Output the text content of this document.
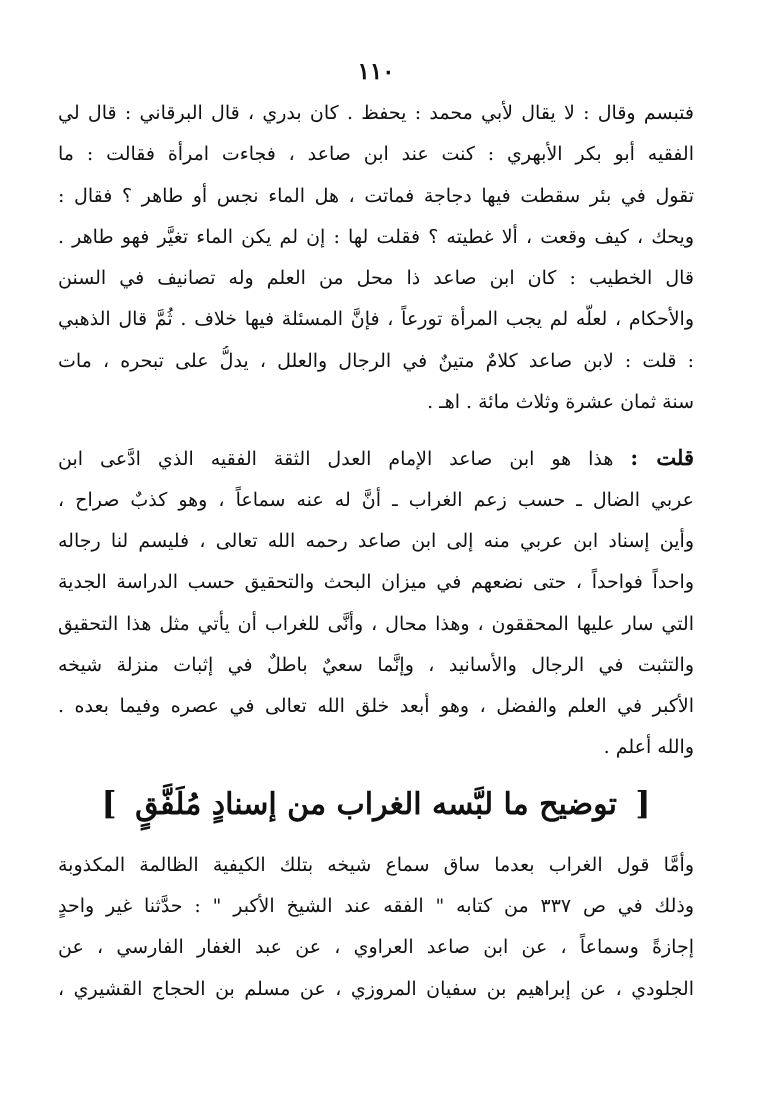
١١٠
فتبسم وقال : لا يقال لأبي محمد : يحفظ . كان بدري ، قال البرقاني : قال لي
الفقيه أبو بكر الأبهري : كنت عند ابن صاعد ، فجاءت امرأة فقالت : ما
تقول في بئر سقطت فيها دجاجة فماتت ، هل الماء نجس أو طاهر ؟ فقال :
ويحك ، كيف وقعت ، ألا غطيته ؟ فقلت لها : إن لم يكن الماء تغيَّر فهو طاهر .
قال الخطيب : كان ابن صاعد ذا محل من العلم وله تصانيف في السنن
والأحكام ، لعلَّه لم يجب المرأة تورعاً ، فإنَّ المسئلة فيها خلاف . ثُمَّ قال الذهبي
: قلت : لابن صاعد كلامٌ متينٌ في الرجال والعلل ، يدلُّ على تبحره ، مات
سنة ثمان عشرة وثلاث مائة . اهـ .
قلت : هذا هو ابن صاعد الإمام العدل الثقة الفقيه الذي ادَّعى ابن
عربي الضال ـ حسب زعم الغراب ـ أنَّ له عنه سماعاً ، وهو كذبٌ صراح ،
وأين إسناد ابن عربي منه إلى ابن صاعد رحمه الله تعالى ، فليسم لنا رجاله
واحداً فواحداً ، حتى نضعهم في ميزان البحث والتحقيق حسب الدراسة الجدية
التي سار عليها المحققون ، وهذا محال ، وأنَّى للغراب أن يأتي مثل هذا التحقيق
والتثبت في الرجال والأسانيد ، وإنَّما سعيٌ باطلٌ في إثبات منزلة شيخه
الأكبر في العلم والفضل ، وهو أبعد خلق الله تعالى في عصره وفيما بعده .
والله أعلم .
[ توضيح ما لبَّسه الغراب من إسنادٍ مُلَفَّقٍ ]
وأمَّا قول الغراب بعدما ساق سماع شيخه بتلك الكيفية الظالمة المكذوبة
وذلك في ص ٣٣٧ من كتابه " الفقه عند الشيخ الأكبر " : حدَّثنا غير واحدٍ
إجازةً وسماعاً ، عن ابن صاعد العراوي ، عن عبد الغفار الفارسي ، عن
الجلودي ، عن إبراهيم بن سفيان المروزي ، عن مسلم بن الحجاج القشيري ،
